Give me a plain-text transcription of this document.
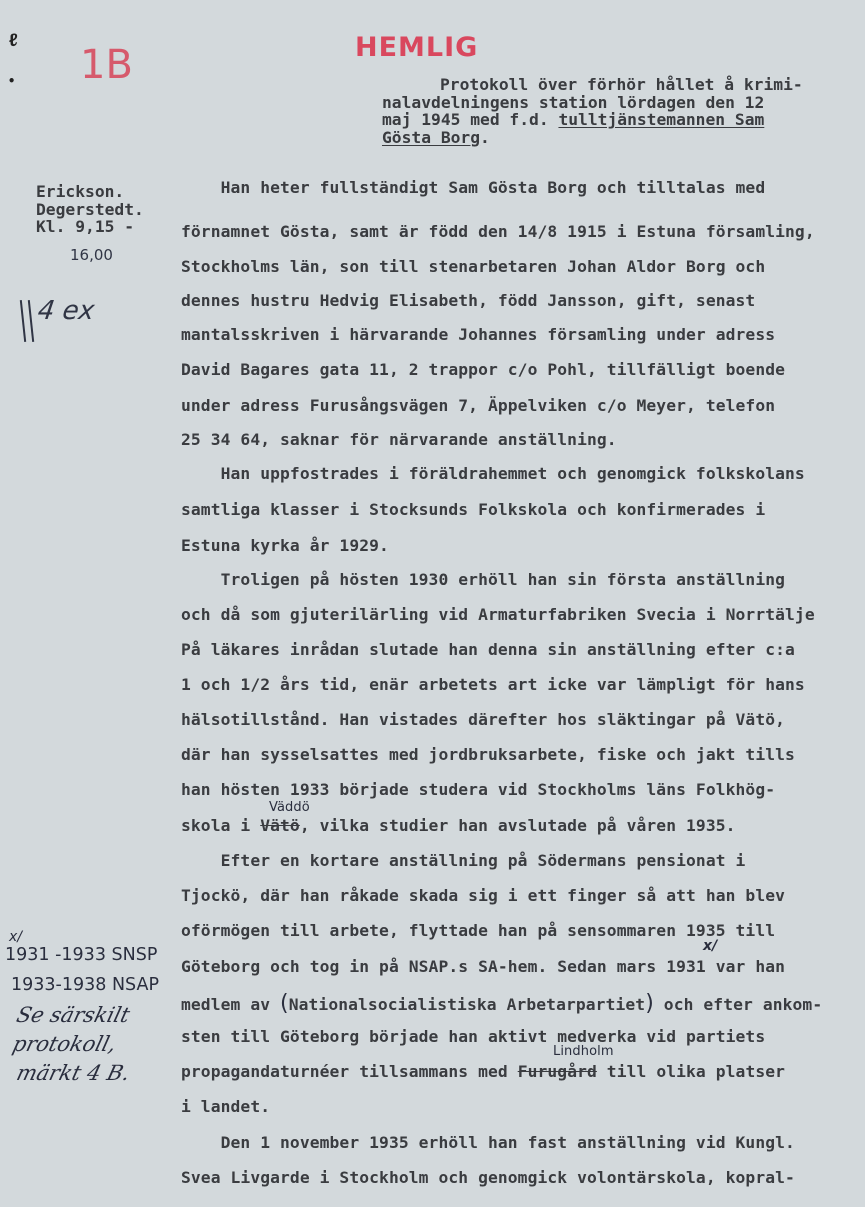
ℓ
• 1B	HEMLIG
Protokoll över förhör hållet å krimi-
nalavdelningens station lördagen den 12
maj 1945 med f.d. tulltjänstemannen Sam
Gösta Borg.
Erickson.
Degerstedt.
Kl. 9,15 -
16,00
4 ex
x/
1931 -1933 SNSP
1933-1938 NSAP
Se särskilt
protokoll,
märkt 4 B.
Han heter fullständigt Sam Gösta Borg och tilltalas med
förnamnet Gösta, samt är född den 14/8 1915 i Estuna församling,
Stockholms län, son till stenarbetaren Johan Aldor Borg och
dennes hustru Hedvig Elisabeth, född Jansson, gift, senast
mantalsskriven i härvarande Johannes församling under adress
David Bagares gata 11, 2 trappor c/o Pohl, tillfälligt boende
under adress Furusångsvägen 7, Äppelviken c/o Meyer, telefon
25 34 64, saknar för närvarande anställning.
Han uppfostrades i föräldrahemmet och genomgick folkskolans
samtliga klasser i Stocksunds Folkskola och konfirmerades i
Estuna kyrka år 1929.
Troligen på hösten 1930 erhöll han sin första anställning
och då som gjuterilärling vid Armaturfabriken Svecia i Norrtälje
På läkares inrådan slutade han denna sin anställning efter c:a
1 och 1/2 års tid, enär arbetets art icke var lämpligt för hans
hälsotillstånd. Han vistades därefter hos släktingar på Vätö,
där han sysselsattes med jordbruksarbete, fiske och jakt tills
han hösten 1933 började studera vid Stockholms läns Folkhög-
Väddö
skola i Vätö, vilka studier han avslutade på våren 1935.
Efter en kortare anställning på Södermans pensionat i
Tjockö, där han råkade skada sig i ett finger så att han blev
oförmögen till arbete, flyttade han på sensommaren 1935 till
x/
Göteborg och tog in på NSAP.s SA-hem. Sedan mars 1931 var han
medlem av (Nationalsocialistiska Arbetarpartiet) och efter ankom-
sten till Göteborg började han aktivt medverka vid partiets
Lindholm
propagandaturnéer tillsammans med Furugård till olika platser
i landet.
Den 1 november 1935 erhöll han fast anställning vid Kungl.
Svea Livgarde i Stockholm och genomgick volontärskola, kopral-
